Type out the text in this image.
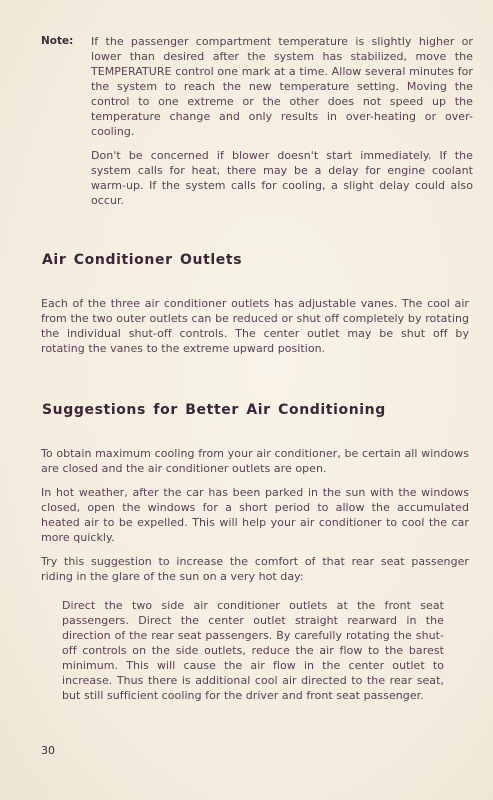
Note: If the passenger compartment temperature is slightly higher or lower than desired after the system has stabilized, move the TEMPERATURE control one mark at a time. Allow several minutes for the system to reach the new temperature setting. Moving the control to one extreme or the other does not speed up the temperature change and only results in over-heating or over-cooling.

Don't be concerned if blower doesn't start immediately. If the system calls for heat, there may be a delay for engine coolant warm-up. If the system calls for cooling, a slight delay could also occur.

Air Conditioner Outlets

Each of the three air conditioner outlets has adjustable vanes. The cool air from the two outer outlets can be reduced or shut off completely by rotating the individual shut-off controls. The center outlet may be shut off by rotating the vanes to the extreme upward position.

Suggestions for Better Air Conditioning

To obtain maximum cooling from your air conditioner, be certain all windows are closed and the air conditioner outlets are open.

In hot weather, after the car has been parked in the sun with the windows closed, open the windows for a short period to allow the accumulated heated air to be expelled. This will help your air conditioner to cool the car more quickly.

Try this suggestion to increase the comfort of that rear seat passenger riding in the glare of the sun on a very hot day:

Direct the two side air conditioner outlets at the front seat passengers. Direct the center outlet straight rearward in the direction of the rear seat passengers. By carefully rotating the shut-off controls on the side outlets, reduce the air flow to the barest minimum. This will cause the air flow in the center outlet to increase. Thus there is additional cool air directed to the rear seat, but still sufficient cooling for the driver and front seat passenger.

30
